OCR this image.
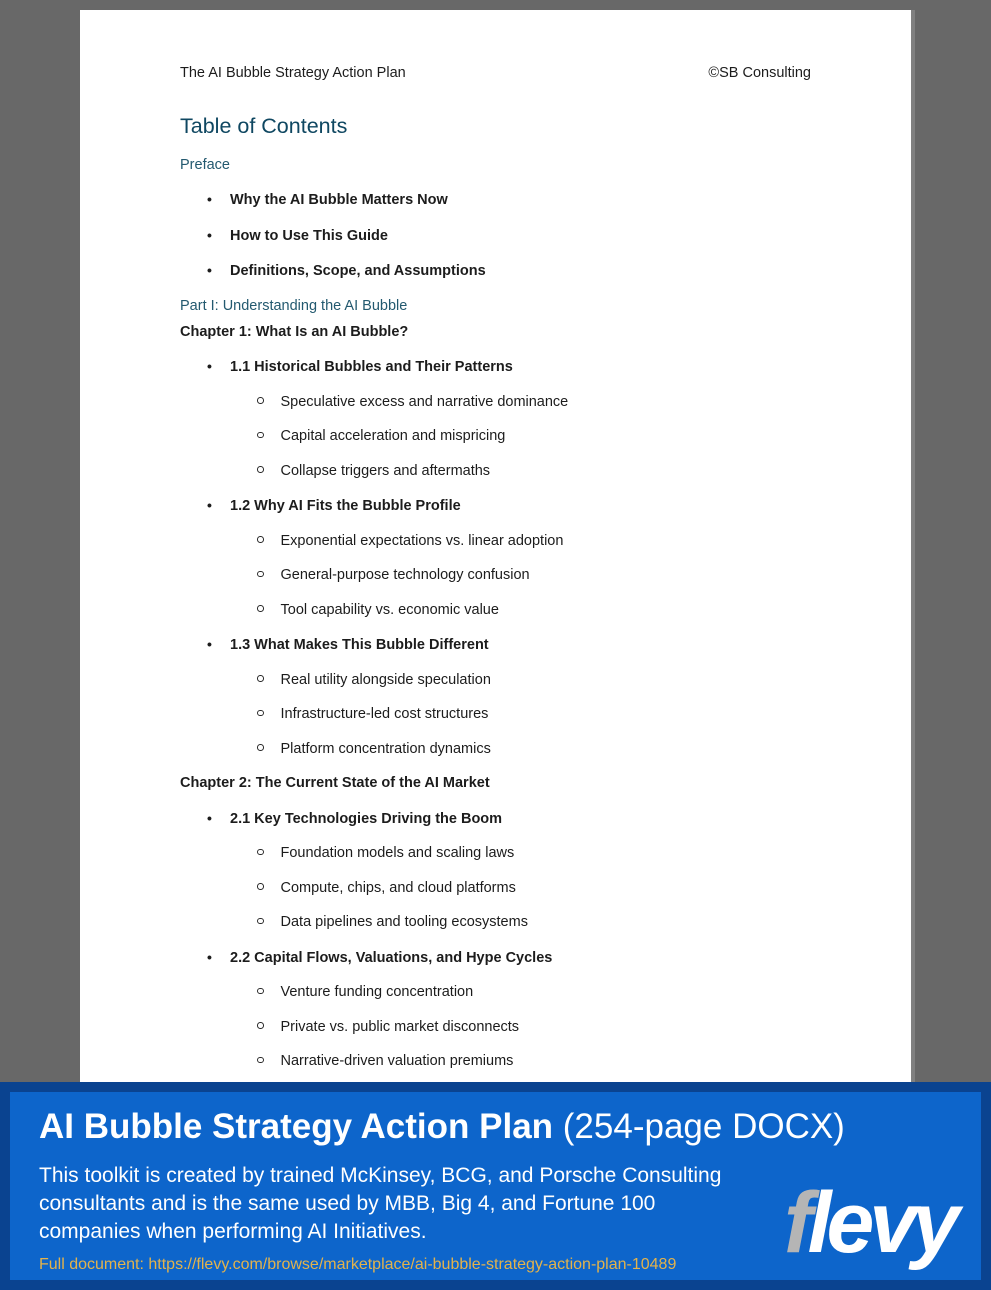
The AI Bubble Strategy Action Plan	©SB Consulting
Table of Contents
Preface
• Why the AI Bubble Matters Now
• How to Use This Guide
• Definitions, Scope, and Assumptions
Part I: Understanding the AI Bubble
Chapter 1: What Is an AI Bubble?
• 1.1 Historical Bubbles and Their Patterns
Speculative excess and narrative dominance
Capital acceleration and mispricing
Collapse triggers and aftermaths
• 1.2 Why AI Fits the Bubble Profile
Exponential expectations vs. linear adoption
General-purpose technology confusion
Tool capability vs. economic value
• 1.3 What Makes This Bubble Different
Real utility alongside speculation
Infrastructure-led cost structures
Platform concentration dynamics
Chapter 2: The Current State of the AI Market
• 2.1 Key Technologies Driving the Boom
Foundation models and scaling laws
Compute, chips, and cloud platforms
Data pipelines and tooling ecosystems
• 2.2 Capital Flows, Valuations, and Hype Cycles
Venture funding concentration
Private vs. public market disconnects
Narrative-driven valuation premiums
AI Bubble Strategy Action Plan (254-page DOCX)
This toolkit is created by trained McKinsey, BCG, and Porsche Consulting
consultants and is the same used by MBB, Big 4, and Fortune 100
companies when performing AI Initiatives.
Full document: https://flevy.com/browse/marketplace/ai-bubble-strategy-action-plan-10489	flevy
